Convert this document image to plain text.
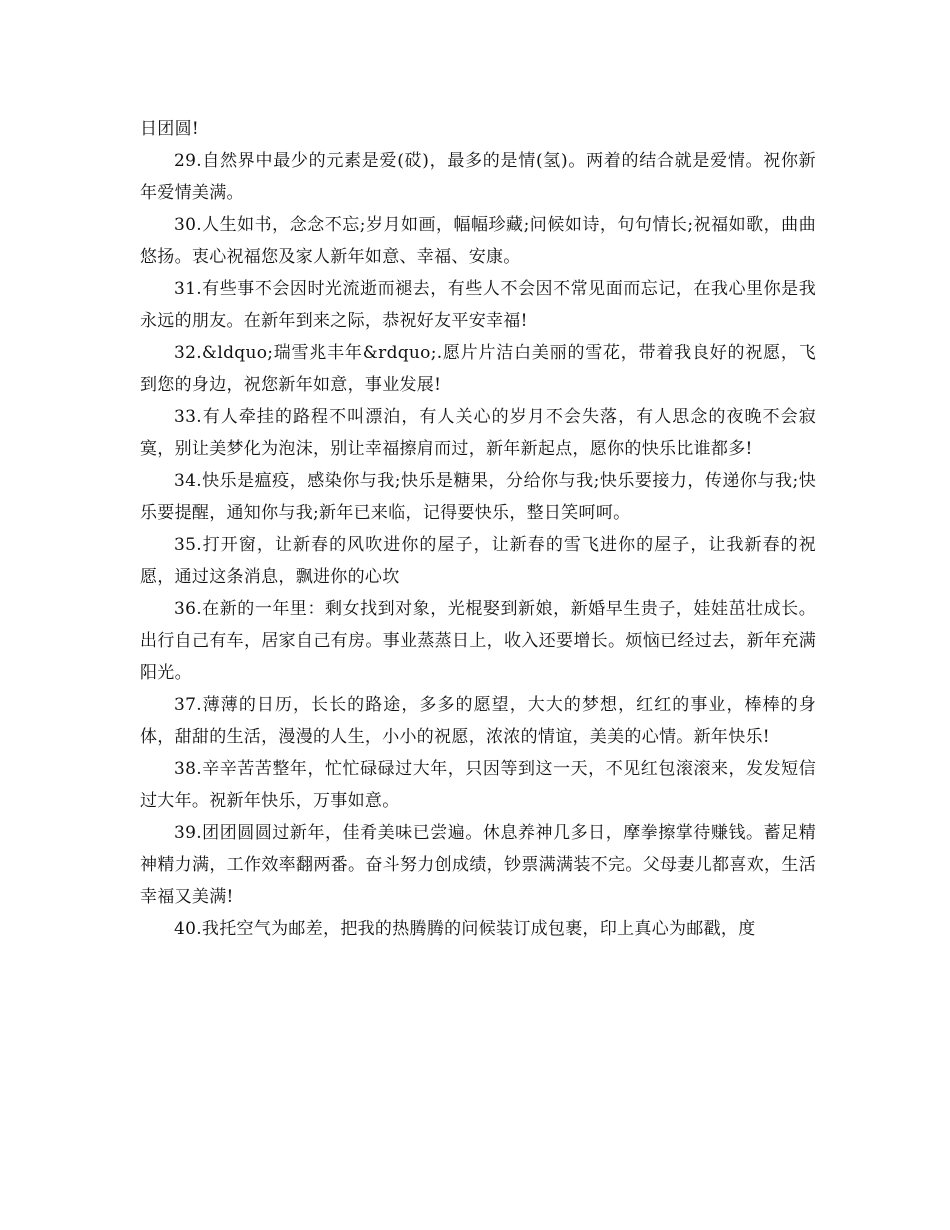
日团圆!

29.自然界中最少的元素是爱(砹)，最多的是情(氢)。两着的结合就是爱情。祝你新年爱情美满。

30.人生如书，念念不忘;岁月如画，幅幅珍藏;问候如诗，句句情长;祝福如歌，曲曲悠扬。衷心祝福您及家人新年如意、幸福、安康。

31.有些事不会因时光流逝而褪去，有些人不会因不常见面而忘记，在我心里你是我永远的朋友。在新年到来之际，恭祝好友平安幸福!

32.&ldquo;瑞雪兆丰年&rdquo;.愿片片洁白美丽的雪花，带着我良好的祝愿，飞到您的身边，祝您新年如意，事业发展!

33.有人牵挂的路程不叫漂泊，有人关心的岁月不会失落，有人思念的夜晚不会寂寞，别让美梦化为泡沫，别让幸福擦肩而过，新年新起点，愿你的快乐比谁都多!

34.快乐是瘟疫，感染你与我;快乐是糖果，分给你与我;快乐要接力，传递你与我;快乐要提醒，通知你与我;新年已来临，记得要快乐，整日笑呵呵。

35.打开窗，让新春的风吹进你的屋子，让新春的雪飞进你的屋子，让我新春的祝愿，通过这条消息，飘进你的心坎

36.在新的一年里：剩女找到对象，光棍娶到新娘，新婚早生贵子，娃娃茁壮成长。出行自己有车，居家自己有房。事业蒸蒸日上，收入还要增长。烦恼已经过去，新年充满阳光。

37.薄薄的日历，长长的路途，多多的愿望，大大的梦想，红红的事业，棒棒的身体，甜甜的生活，漫漫的人生，小小的祝愿，浓浓的情谊，美美的心情。新年快乐!

38.辛辛苦苦整年，忙忙碌碌过大年，只因等到这一天，不见红包滚滚来，发发短信过大年。祝新年快乐，万事如意。

39.团团圆圆过新年，佳肴美味已尝遍。休息养神几多日，摩拳擦掌待赚钱。蓄足精神精力满，工作效率翻两番。奋斗努力创成绩，钞票满满装不完。父母妻儿都喜欢，生活幸福又美满!

40.我托空气为邮差，把我的热腾腾的问候装订成包裹，印上真心为邮戳，度
